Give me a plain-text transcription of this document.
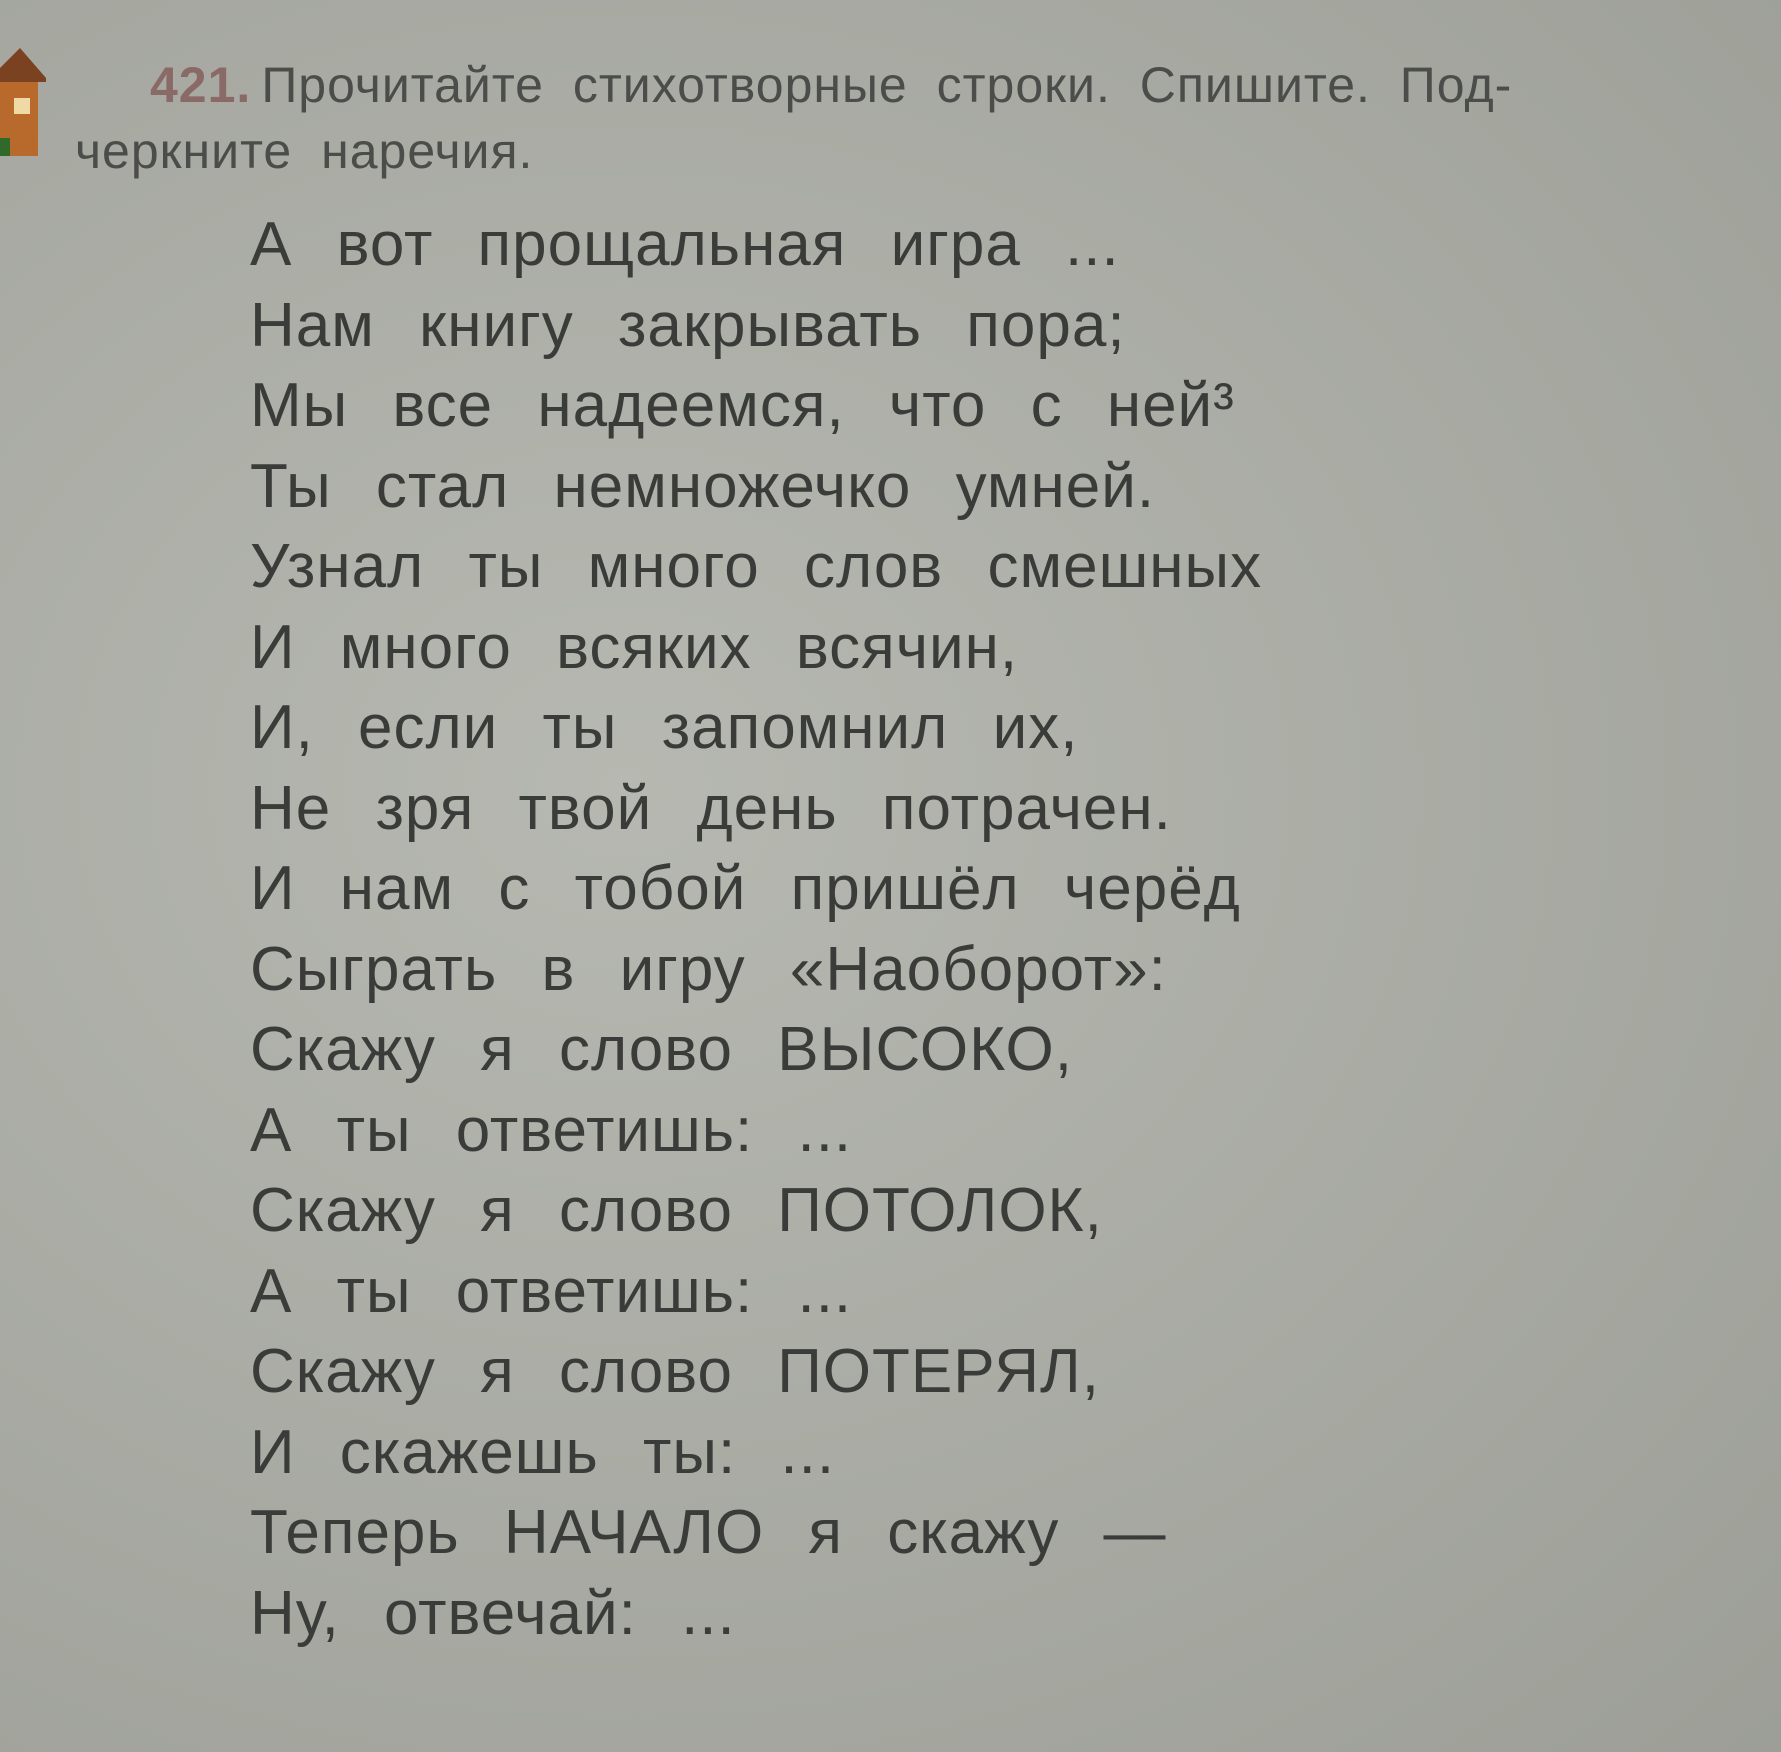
421. Прочитайте стихотворные строки. Спишите. Под-
черкните наречия.
А вот прощальная игра ...
Нам книгу закрывать пора;
Мы все надеемся, что с ней³
Ты стал немножечко умней.
Узнал ты много слов смешных
И много всяких всячин,
И, если ты запомнил их,
Не зря твой день потрачен.
И нам с тобой пришёл черёд
Сыграть в игру «Наоборот»:
Скажу я слово ВЫСОКО,
А ты ответишь: ...
Скажу я слово ПОТОЛОК,
А ты ответишь: ...
Скажу я слово ПОТЕРЯЛ,
И скажешь ты: ...
Теперь НАЧАЛО я скажу —
Ну, отвечай: ...
